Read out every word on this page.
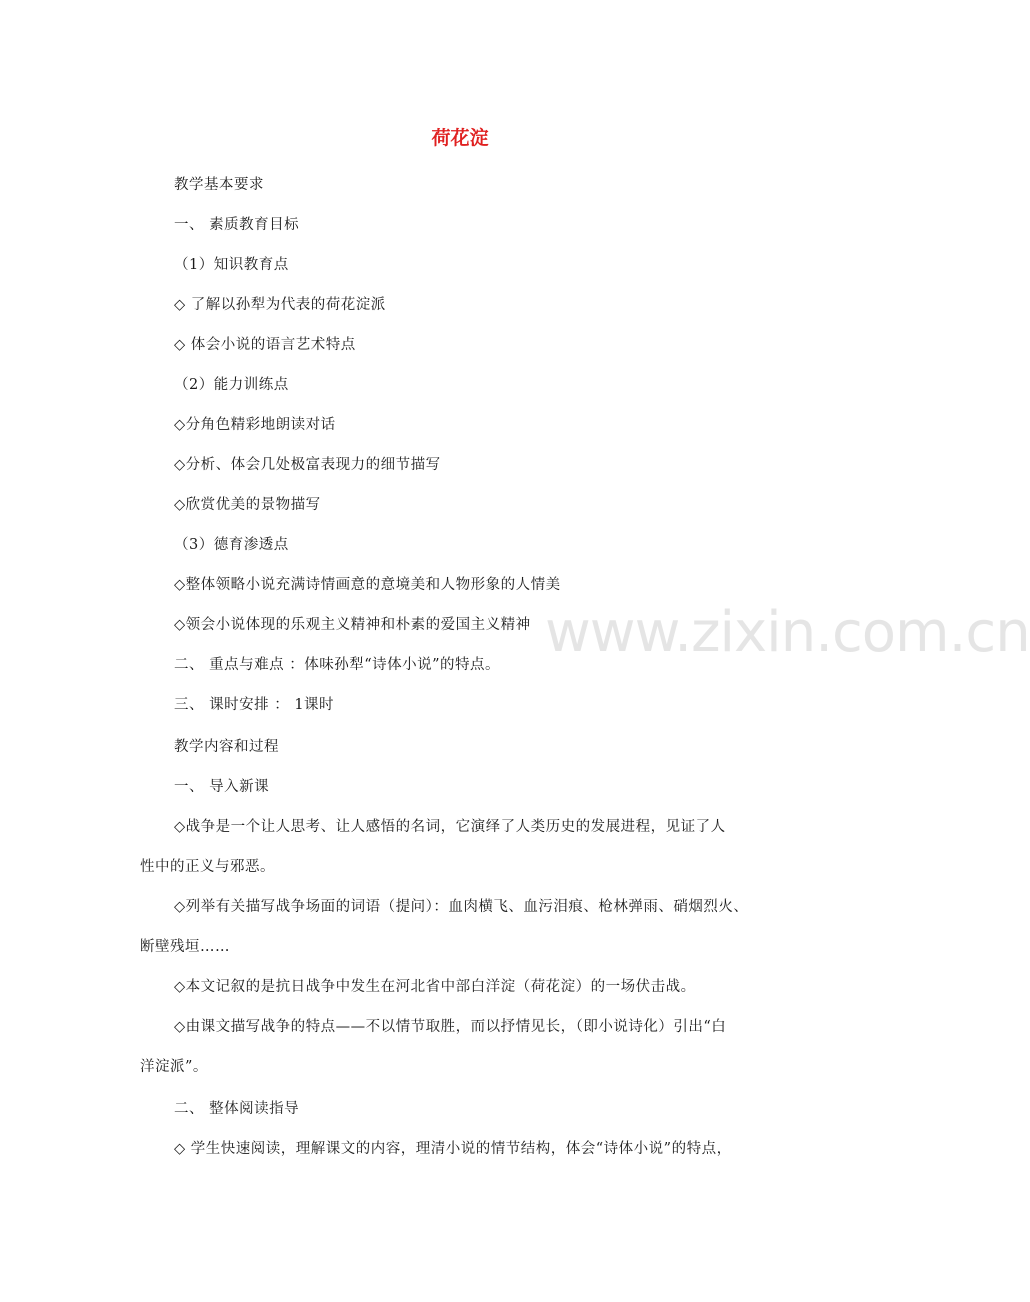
荷花淀
www.zixin.com.cn
教学基本要求
一、 素质教育目标
（1）知识教育点
◇ 了解以孙犁为代表的荷花淀派
◇ 体会小说的语言艺术特点
（2）能力训练点
◇分角色精彩地朗读对话
◇分析、体会几处极富表现力的细节描写
◇欣赏优美的景物描写
（3）德育渗透点
◇整体领略小说充满诗情画意的意境美和人物形象的人情美
◇领会小说体现的乐观主义精神和朴素的爱国主义精神
二、 重点与难点 ：体味孙犁“诗体小说”的特点。
三、 课时安排 ： 1课时
教学内容和过程
一、 导入新课
◇战争是一个让人思考、让人感悟的名词，它演绎了人类历史的发展进程，见证了人
性中的正义与邪恶。
◇列举有关描写战争场面的词语（提问）：血肉横飞、血污泪痕、枪林弹雨、硝烟烈火、
断壁残垣……
◇本文记叙的是抗日战争中发生在河北省中部白洋淀（荷花淀）的一场伏击战。
◇由课文描写战争的特点——不以情节取胜，而以抒情见长，（即小说诗化）引出“白
洋淀派”。
二、 整体阅读指导
◇ 学生快速阅读，理解课文的内容，理清小说的情节结构，体会“诗体小说”的特点，
